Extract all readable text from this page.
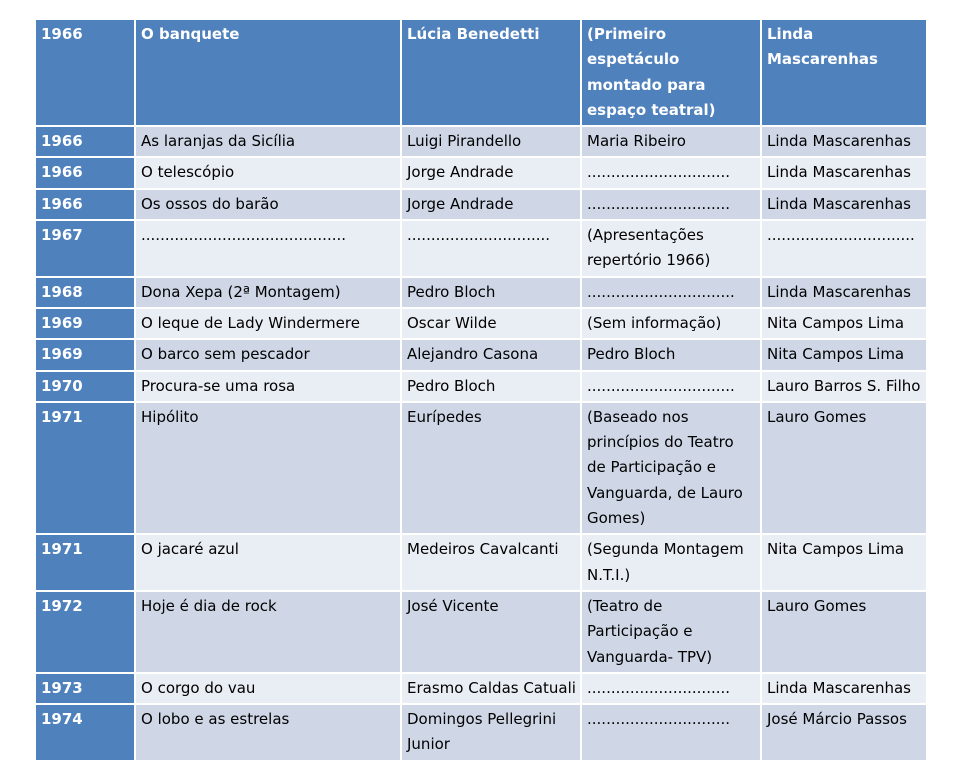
1966	O banquete	Lúcia Benedetti	(Primeiro espetáculo montado para espaço teatral)	Linda Mascarenhas
1966	As laranjas da Sicília	Luigi Pirandello	Maria Ribeiro	Linda Mascarenhas
1966	O telescópio	Jorge Andrade	..............................	Linda Mascarenhas
1966	Os ossos do barão	Jorge Andrade	..............................	Linda Mascarenhas
1967	...........................................	..............................	(Apresentações repertório 1966)	...............................
1968	Dona Xepa (2ª Montagem)	Pedro Bloch	...............................	Linda Mascarenhas
1969	O leque de Lady Windermere	Oscar Wilde	(Sem informação)	Nita Campos Lima
1969	O barco sem pescador	Alejandro Casona	Pedro Bloch	Nita Campos Lima
1970	Procura-se uma rosa	Pedro Bloch	...............................	Lauro Barros S. Filho
1971	Hipólito	Eurípedes	(Baseado nos princípios do Teatro de Participação e Vanguarda, de Lauro Gomes)	Lauro Gomes
1971	O jacaré azul	Medeiros Cavalcanti	(Segunda Montagem N.T.I.)	Nita Campos Lima
1972	Hoje é dia de rock	José Vicente	(Teatro de Participação e Vanguarda- TPV)	Lauro Gomes
1973	O corgo do vau	Erasmo Caldas Catuali	..............................	Linda Mascarenhas
1974	O lobo e as estrelas	Domingos Pellegrini Junior	..............................	José Márcio Passos
